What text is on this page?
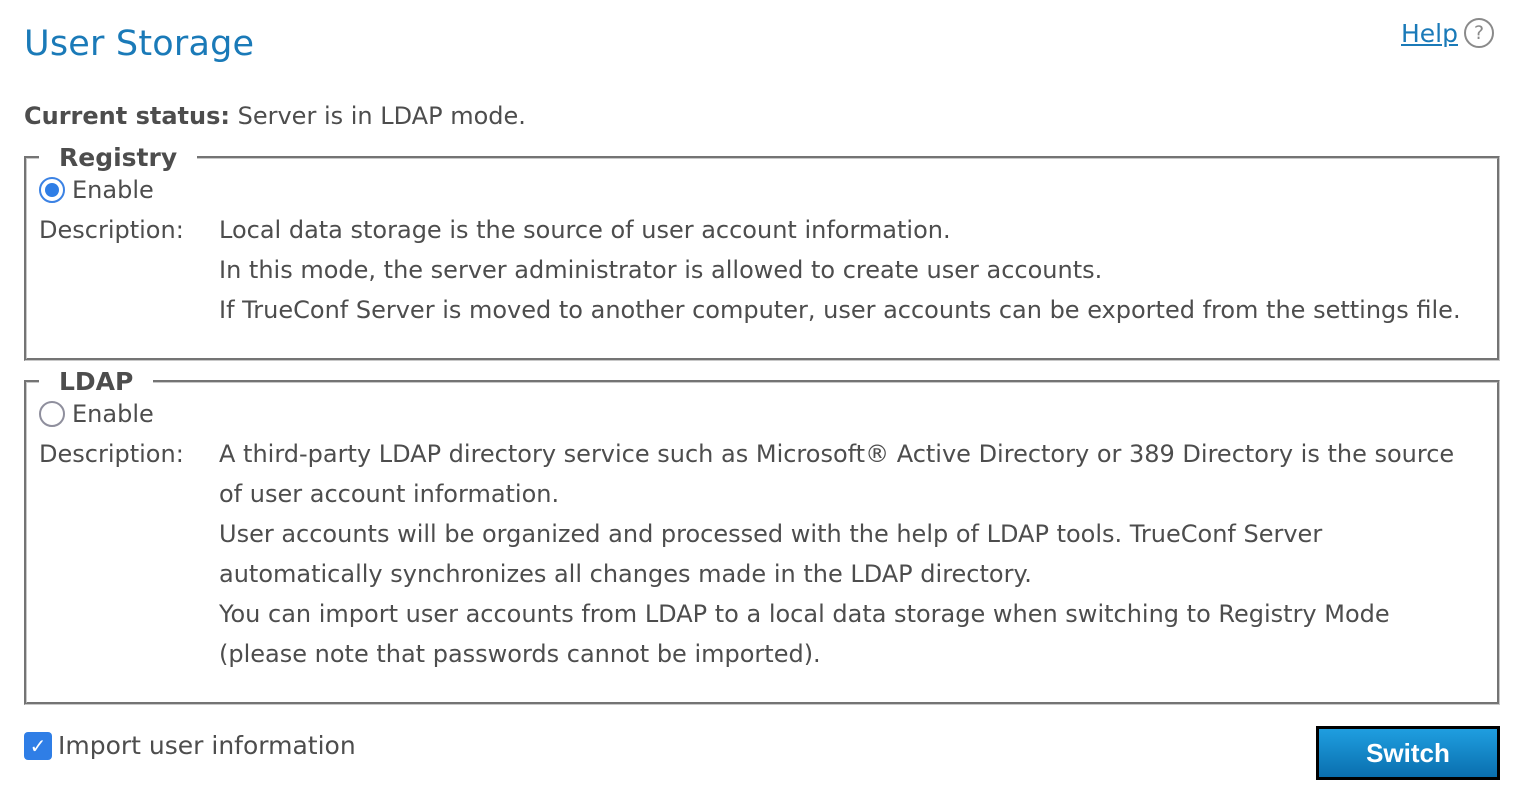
User Storage	Help ?
Current status: Server is in LDAP mode.
Registry
Enable
Description:	Local data storage is the source of user account information.
In this mode, the server administrator is allowed to create user accounts.
If TrueConf Server is moved to another computer, user accounts can be exported from the settings file.
LDAP
Enable
Description:	A third-party LDAP directory service such as Microsoft® Active Directory or 389 Directory is the source
of user account information.
User accounts will be organized and processed with the help of LDAP tools. TrueConf Server
automatically synchronizes all changes made in the LDAP directory.
You can import user accounts from LDAP to a local data storage when switching to Registry Mode
(please note that passwords cannot be imported).
✓ Import user information	Switch
